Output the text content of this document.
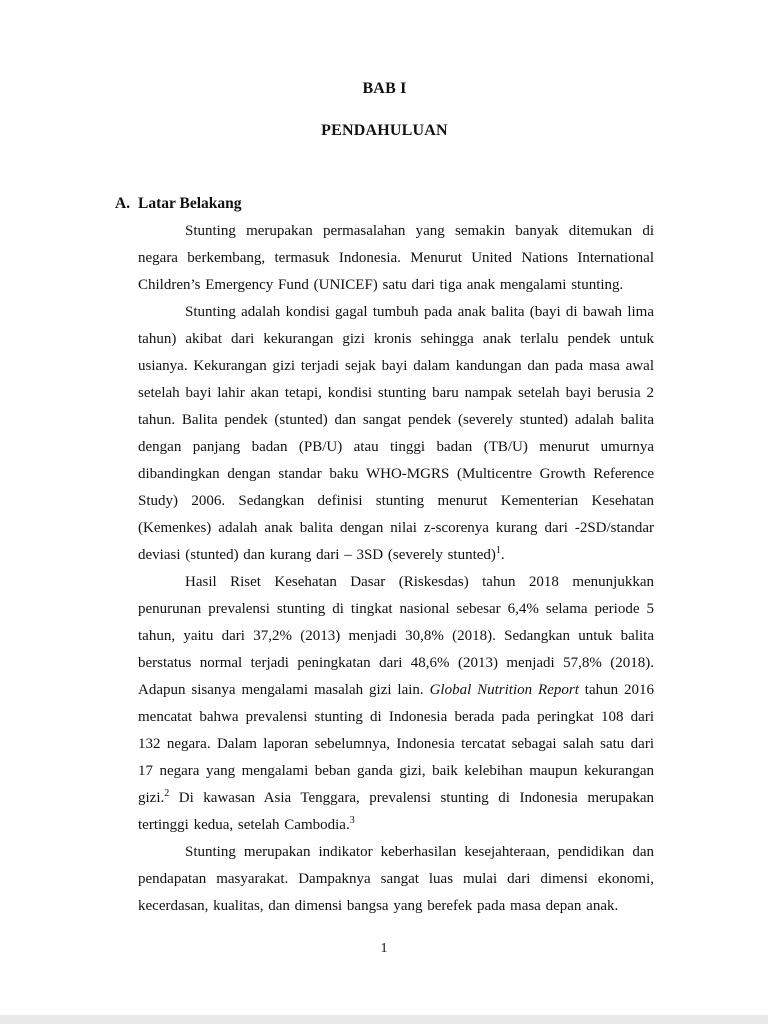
BAB I
PENDAHULUAN
A. Latar Belakang

Stunting merupakan permasalahan yang semakin banyak ditemukan di negara berkembang, termasuk Indonesia. Menurut United Nations International Children’s Emergency Fund (UNICEF) satu dari tiga anak mengalami stunting.

Stunting adalah kondisi gagal tumbuh pada anak balita (bayi di bawah lima tahun) akibat dari kekurangan gizi kronis sehingga anak terlalu pendek untuk usianya. Kekurangan gizi terjadi sejak bayi dalam kandungan dan pada masa awal setelah bayi lahir akan tetapi, kondisi stunting baru nampak setelah bayi berusia 2 tahun. Balita pendek (stunted) dan sangat pendek (severely stunted) adalah balita dengan panjang badan (PB/U) atau tinggi badan (TB/U) menurut umurnya dibandingkan dengan standar baku WHO-MGRS (Multicentre Growth Reference Study) 2006. Sedangkan definisi stunting menurut Kementerian Kesehatan (Kemenkes) adalah anak balita dengan nilai z-scorenya kurang dari -2SD/standar deviasi (stunted) dan kurang dari – 3SD (severely stunted)$^1$.

Hasil Riset Kesehatan Dasar (Riskesdas) tahun 2018 menunjukkan penurunan prevalensi stunting di tingkat nasional sebesar 6,4% selama periode 5 tahun, yaitu dari 37,2% (2013) menjadi 30,8% (2018). Sedangkan untuk balita berstatus normal terjadi peningkatan dari 48,6% (2013) menjadi 57,8% (2018). Adapun sisanya mengalami masalah gizi lain. Global Nutrition Report tahun 2016 mencatat bahwa prevalensi stunting di Indonesia berada pada peringkat 108 dari 132 negara. Dalam laporan sebelumnya, Indonesia tercatat sebagai salah satu dari 17 negara yang mengalami beban ganda gizi, baik kelebihan maupun kekurangan gizi.$^2$ Di kawasan Asia Tenggara, prevalensi stunting di Indonesia merupakan tertinggi kedua, setelah Cambodia.$^3$

Stunting merupakan indikator keberhasilan kesejahteraan, pendidikan dan pendapatan masyarakat. Dampaknya sangat luas mulai dari dimensi ekonomi, kecerdasan, kualitas, dan dimensi bangsa yang berefek pada masa depan anak.

1
